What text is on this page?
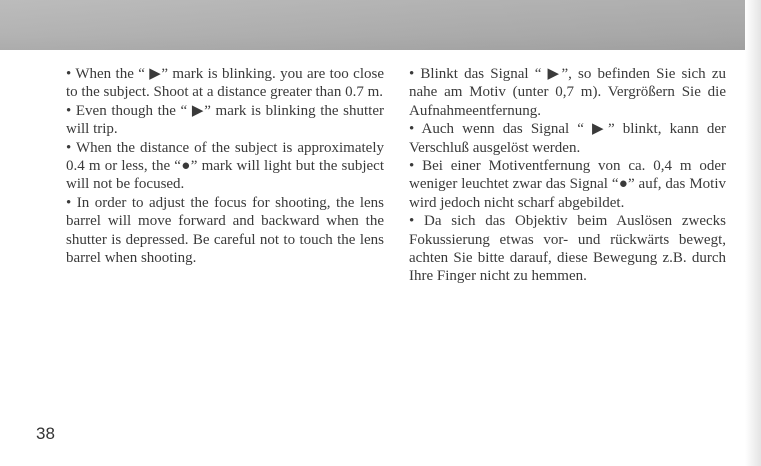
• When the “ ▶” mark is blinking. you are too close to the subject. Shoot at a distance greater than 0.7 m.

• Even though the “ ▶” mark is blinking the shutter will trip.

• When the distance of the subject is approximately 0.4 m or less, the “●” mark will light but the subject will not be focused.

• In order to adjust the focus for shooting, the lens barrel will move forward and backward when the shutter is depressed. Be careful not to touch the lens barrel when shooting.

• Blinkt das Signal “ ▶”, so befinden Sie sich zu nahe am Motiv (unter 0,7 m). Vergrößern Sie die Aufnahmeentfernung.

• Auch wenn das Signal “ ▶” blinkt, kann der Verschluß ausgelöst werden.

• Bei einer Motiventfernung von ca. 0,4 m oder weniger leuchtet zwar das Signal “●” auf, das Motiv wird jedoch nicht scharf abgebildet.

• Da sich das Objektiv beim Auslösen zwecks Fokussierung etwas vor- und rückwärts bewegt, achten Sie bitte darauf, diese Bewegung z.B. durch Ihre Finger nicht zu hemmen.

38
